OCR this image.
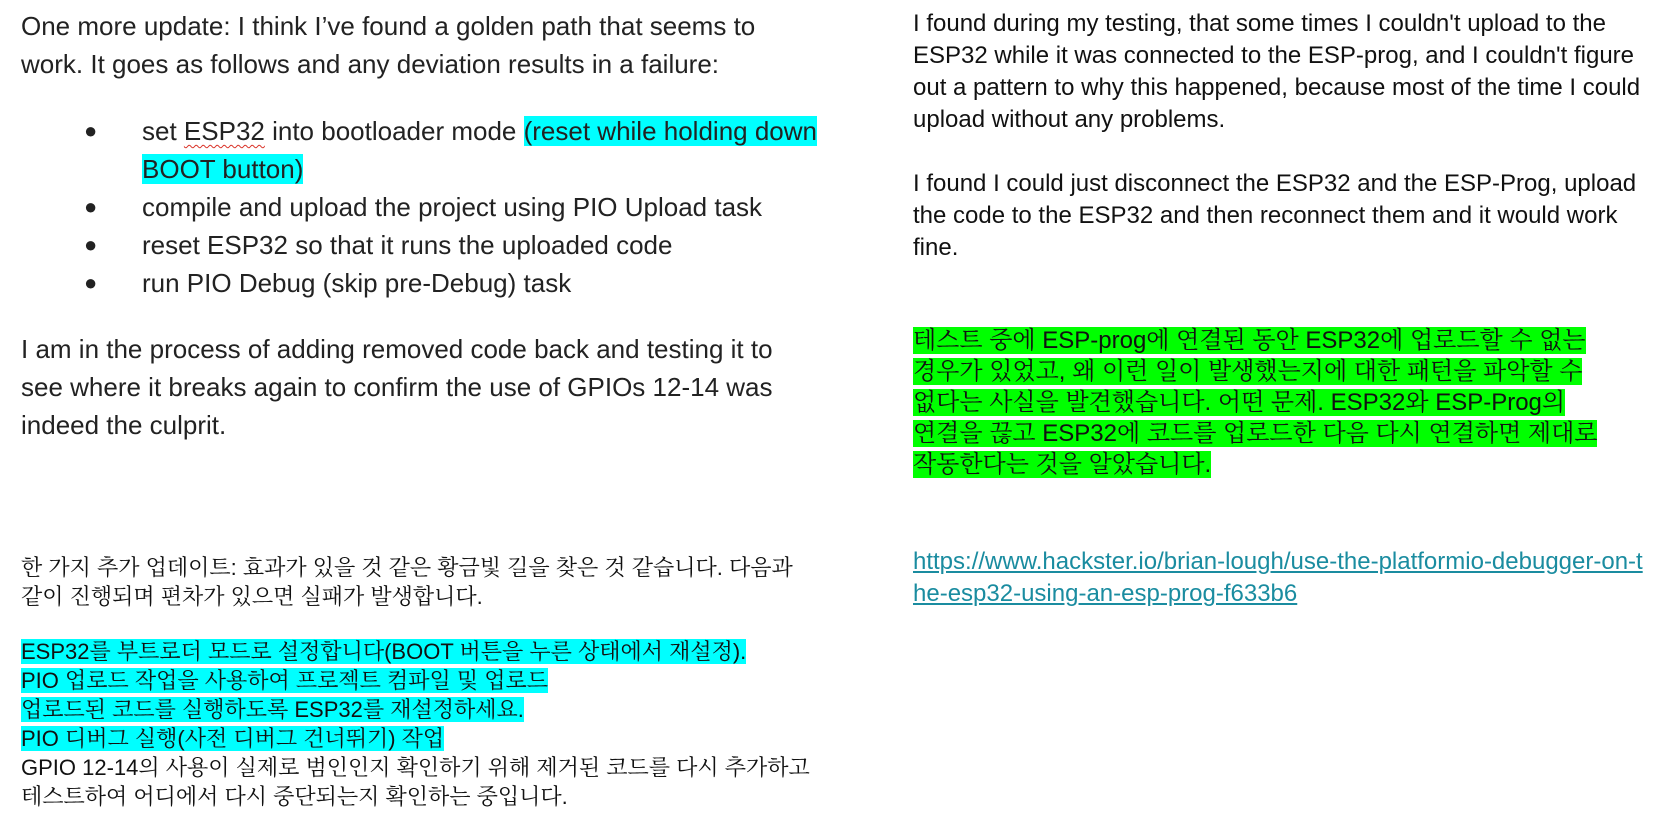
One more update: I think I’ve found a golden path that seems to work. It goes as follows and any deviation results in a failure:

● set ESP32 into bootloader mode (reset while holding down BOOT button)
● compile and upload the project using PIO Upload task
● reset ESP32 so that it runs the uploaded code
● run PIO Debug (skip pre-Debug) task

I am in the process of adding removed code back and testing it to see where it breaks again to confirm the use of GPIOs 12-14 was indeed the culprit.

한 가지 추가 업데이트: 효과가 있을 것 같은 황금빛 길을 찾은 것 같습니다. 다음과 같이 진행되며 편차가 있으면 실패가 발생합니다.

ESP32를 부트로더 모드로 설정합니다(BOOT 버튼을 누른 상태에서 재설정).
PIO 업로드 작업을 사용하여 프로젝트 컴파일 및 업로드
업로드된 코드를 실행하도록 ESP32를 재설정하세요.
PIO 디버그 실행(사전 디버그 건너뛰기) 작업
GPIO 12-14의 사용이 실제로 범인인지 확인하기 위해 제거된 코드를 다시 추가하고
테스트하여 어디에서 다시 중단되는지 확인하는 중입니다.

I found during my testing, that some times I couldn't upload to the ESP32 while it was connected to the ESP-prog, and I couldn't figure out a pattern to why this happened, because most of the time I could upload without any problems.

I found I could just disconnect the ESP32 and the ESP-Prog, upload the code to the ESP32 and then reconnect them and it would work fine.

테스트 중에 ESP-prog에 연결된 동안 ESP32에 업로드할 수 없는
경우가 있었고, 왜 이런 일이 발생했는지에 대한 패턴을 파악할 수
없다는 사실을 발견했습니다. 어떤 문제. ESP32와 ESP-Prog의
연결을 끊고 ESP32에 코드를 업로드한 다음 다시 연결하면 제대로
작동한다는 것을 알았습니다.
https://www.hackster.io/brian-lough/use-the-platformio-debugger-on-the-esp32-using-an-esp-prog-f633b6
